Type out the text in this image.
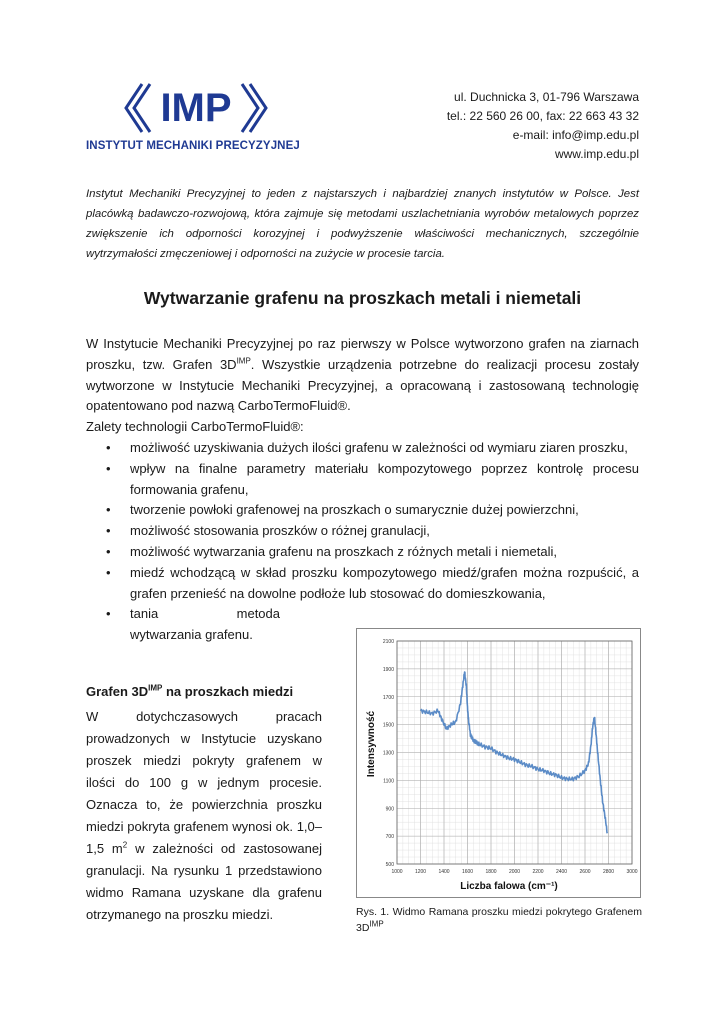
IMP
INSTYTUT MECHANIKI PRECYZYJNEJ
ul. Duchnicka 3, 01-796 Warszawa
tel.: 22 560 26 00, fax: 22 663 43 32
e-mail: info@imp.edu.pl
www.imp.edu.pl
Instytut Mechaniki Precyzyjnej to jeden z najstarszych i najbardziej znanych instytutów w Polsce. Jest placówką badawczo-rozwojową, która zajmuje się metodami uszlachetniania wyrobów metalowych poprzez zwiększenie ich odporności korozyjnej i podwyższenie właściwości mechanicznych, szczególnie wytrzymałości zmęczeniowej i odporności na zużycie w procesie tarcia.
Wytwarzanie grafenu na proszkach metali i niemetali

W Instytucie Mechaniki Precyzyjnej po raz pierwszy w Polsce wytworzono grafen na ziarnach proszku, tzw. Grafen $3D^{IMP}$. Wszystkie urządzenia potrzebne do realizacji procesu zostały wytworzone w Instytucie Mechaniki Precyzyjnej, a opracowaną i zastosowaną technologię opatentowano pod nazwą CarboTermoFluid®.

Zalety technologii CarboTermoFluid®:

• możliwość uzyskiwania dużych ilości grafenu w zależności od wymiaru ziaren proszku,
• wpływ na finalne parametry materiału kompozytowego poprzez kontrolę procesu formowania grafenu,
• tworzenie powłoki grafenowej na proszkach o sumarycznie dużej powierzchni,
• możliwość stosowania proszków o różnej granulacji,
• możliwość wytwarzania grafenu na proszkach z różnych metali i niemetali,
• miedź wchodzącą w skład proszku kompozytowego miedź/grafen można rozpuścić, a grafen przenieść na dowolne podłoże lub stosować do domieszkowania,
• tania metoda wytwarzania grafenu.
Grafen $3D^{IMP}$ na proszkach miedzi
W dotychczasowych pracach prowadzonych w Instytucie uzyskano proszek miedzi pokryty grafenem w ilości do 100 g w jednym procesie. Oznacza to, że powierzchnia proszku miedzi pokryta grafenem wynosi ok. 1,0–1,5 $m^2$ w zależności od zastosowanej granulacji. Na rysunku 1 przedstawiono widmo Ramana uzyskane dla grafenu otrzymanego na proszku miedzi.
1000 1200 1400 1600 1800 2000 2200 2400 2600 2800 3000
500
700
900
1100
1300
1500
1700
1900
2100
Intensywność
Liczba falowa (cm⁻¹)
Rys. 1. Widmo Ramana proszku miedzi pokrytego Grafenem $3D^{IMP}$
